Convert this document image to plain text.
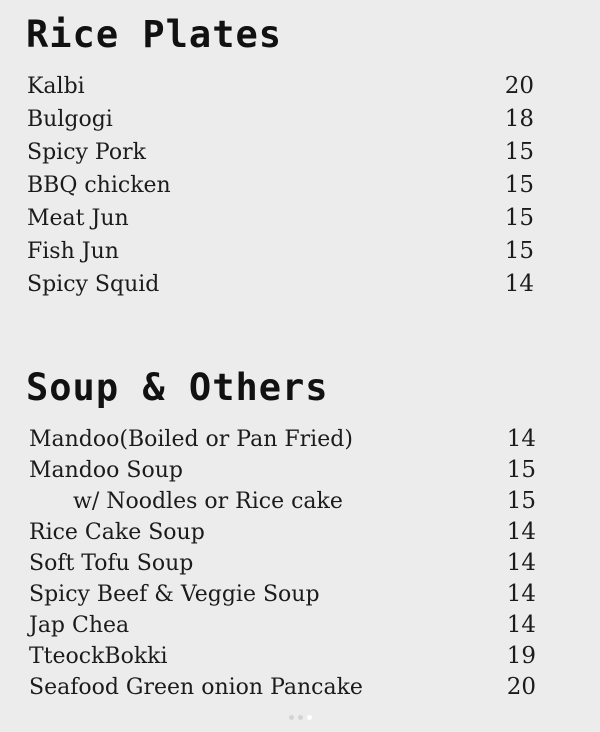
Rice Plates
Kalbi	20
Bulgogi	18
Spicy Pork	15
BBQ chicken	15
Meat Jun	15
Fish Jun	15
Spicy Squid	14
Soup & Others
Mandoo(Boiled or Pan Fried)	14
Mandoo Soup	15
w/ Noodles or Rice cake	15
Rice Cake Soup	14
Soft Tofu Soup	14
Spicy Beef & Veggie Soup	14
Jap Chea	14
TteockBokki	19
Seafood Green onion Pancake	20
